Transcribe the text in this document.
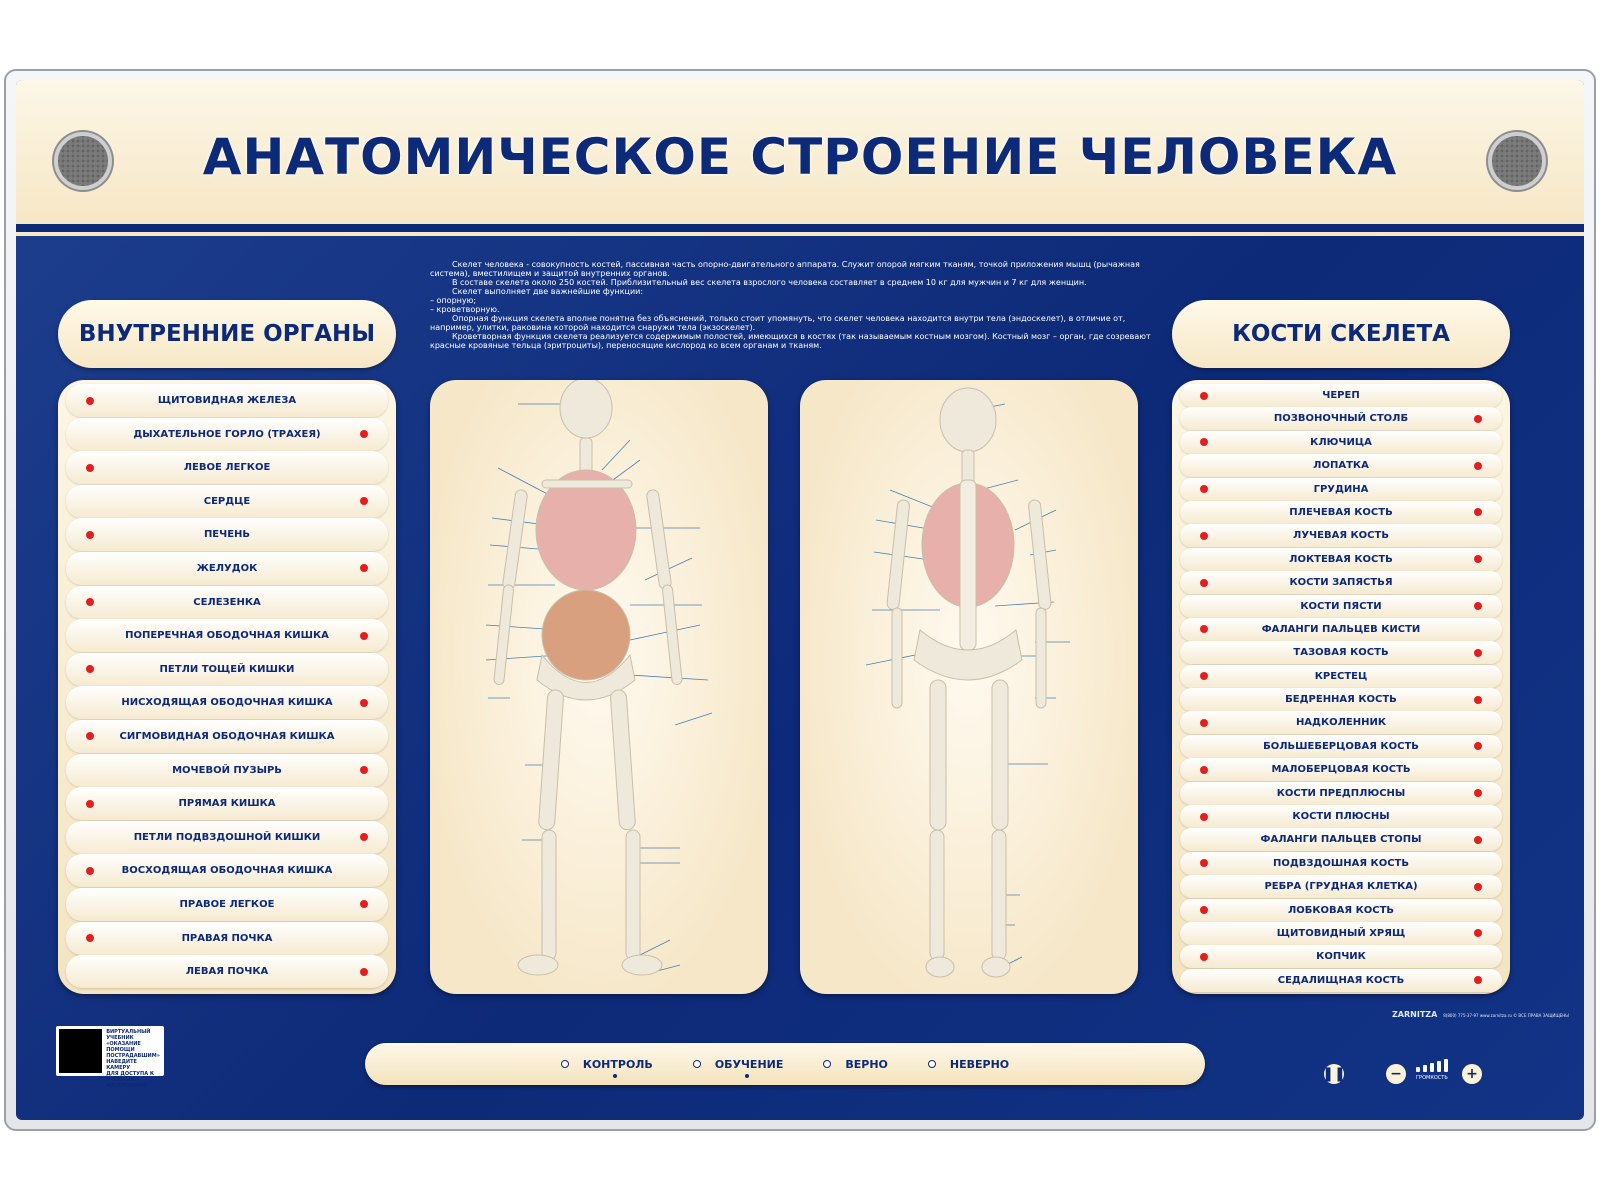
АНАТОМИЧЕСКОЕ СТРОЕНИЕ ЧЕЛОВЕКА
ВНУТРЕННИЕ ОРГАНЫ	КОСТИ СКЕЛЕТА

Скелет человека - совокупность костей, пассивная часть опорно-двигательного аппарата. Служит опорой мягким тканям, точкой приложения мышц (рычажная система), вместилищем и защитой внутренних органов.

В составе скелета около 250 костей. Приблизительный вес скелета взрослого человека составляет в среднем 10 кг для мужчин и 7 кг для женщин.

Скелет выполняет две важнейшие функции:

– опорную;

– кроветворную.

Опорная функция скелета вполне понятна без объяснений, только стоит упомянуть, что скелет человека находится внутри тела (эндоскелет), в отличие от, например, улитки, раковина которой находится снаружи тела (экзоскелет).

Кроветворная функция скелета реализуется содержимым полостей, имеющихся в костях (так называемым костным мозгом). Костный мозг – орган, где созревают красные кровяные тельца (эритроциты), переносящие кислород ко всем органам и тканям.

ЩИТОВИДНАЯ ЖЕЛЕЗА
ДЫХАТЕЛЬНОЕ ГОРЛО (ТРАХЕЯ)
ЛЕВОЕ ЛЕГКОЕ
СЕРДЦЕ
ПЕЧЕНЬ
ЖЕЛУДОК
СЕЛЕЗЕНКА
ПОПЕРЕЧНАЯ ОБОДОЧНАЯ КИШКА
ПЕТЛИ ТОЩЕЙ КИШКИ
НИСХОДЯЩАЯ ОБОДОЧНАЯ КИШКА
СИГМОВИДНАЯ ОБОДОЧНАЯ КИШКА
МОЧЕВОЙ ПУЗЫРЬ
ПРЯМАЯ КИШКА
ПЕТЛИ ПОДВЗДОШНОЙ КИШКИ
ВОСХОДЯЩАЯ ОБОДОЧНАЯ КИШКА
ПРАВОЕ ЛЕГКОЕ
ПРАВАЯ ПОЧКА
ЛЕВАЯ ПОЧКА
ЧЕРЕП
ПОЗВОНОЧНЫЙ СТОЛБ
КЛЮЧИЦА
ЛОПАТКА
ГРУДИНА
ПЛЕЧЕВАЯ КОСТЬ
ЛУЧЕВАЯ КОСТЬ
ЛОКТЕВАЯ КОСТЬ
КОСТИ ЗАПЯСТЬЯ
КОСТИ ПЯСТИ
ФАЛАНГИ ПАЛЬЦЕВ КИСТИ
ТАЗОВАЯ КОСТЬ
КРЕСТЕЦ
БЕДРЕННАЯ КОСТЬ
НАДКОЛЕННИК
БОЛЬШЕБЕРЦОВАЯ КОСТЬ
МАЛОБЕРЦОВАЯ КОСТЬ
КОСТИ ПРЕДПЛЮСНЫ
КОСТИ ПЛЮСНЫ
ФАЛАНГИ ПАЛЬЦЕВ СТОПЫ
ПОДВЗДОШНАЯ КОСТЬ
РЕБРА (ГРУДНАЯ КЛЕТКА)
ЛОБКОВАЯ КОСТЬ
ЩИТОВИДНЫЙ ХРЯЩ
КОПЧИК
СЕДАЛИЩНАЯ КОСТЬ
КОНТРОЛЬ	ОБУЧЕНИЕ	ВЕРНО	НЕВЕРНО
ВИРТУАЛЬНЫЙ УЧЕБНИК «ОКАЗАНИЕ ПОМОЩИ ПОСТРАДАВШИМ»
НАВЕДИТЕ КАМЕРУ
ДЛЯ ДОСТУПА К УЧЕБНЫМ МАТЕРИАЛАМ
ZARNITZA 8(800) 775-37-97 www.zarnitza.ru © ВСЕ ПРАВА ЗАЩИЩЕНЫ
❚❚	−	ГРОМКОСТЬ +
